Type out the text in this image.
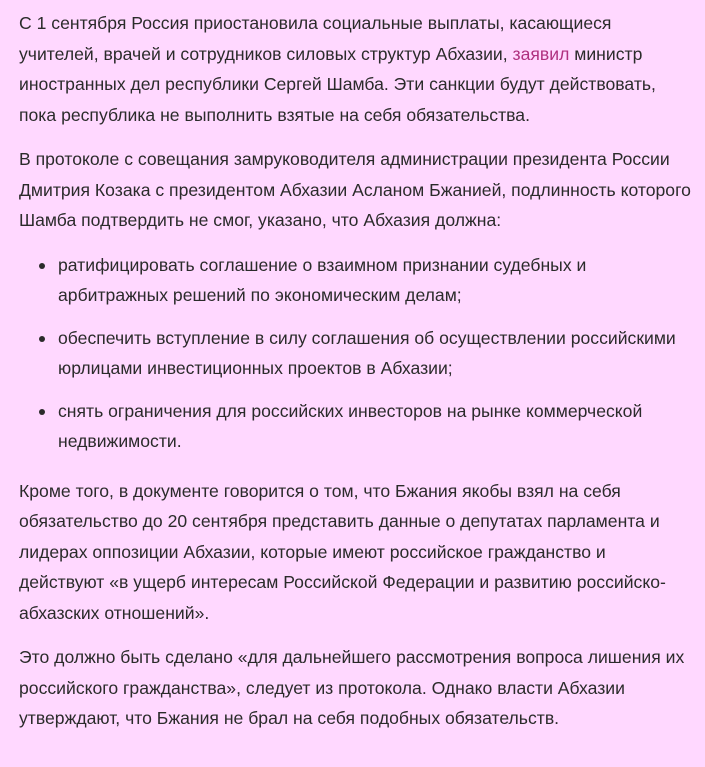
С 1 сентября Россия приостановила социальные выплаты, касающиеся учителей, врачей и сотрудников силовых структур Абхазии, заявил министр иностранных дел республики Сергей Шамба. Эти санкции будут действовать, пока республика не выполнить взятые на себя обязательства.

В протоколе с совещания замруководителя администрации президента России Дмитрия Козака с президентом Абхазии Асланом Бжанией, подлинность которого Шамба подтвердить не смог, указано, что Абхазия должна:

ратифицировать соглашение о взаимном признании судебных и арбитражных решений по экономическим делам;
обеспечить вступление в силу соглашения об осуществлении российскими юрлицами инвестиционных проектов в Абхазии;
снять ограничения для российских инвесторов на рынке коммерческой недвижимости.

Кроме того, в документе говорится о том, что Бжания якобы взял на себя обязательство до 20 сентября представить данные о депутатах парламента и лидерах оппозиции Абхазии, которые имеют российское гражданство и действуют «в ущерб интересам Российской Федерации и развитию российско-абхазских отношений».

Это должно быть сделано «для дальнейшего рассмотрения вопроса лишения их российского гражданства», следует из протокола. Однако власти Абхазии утверждают, что Бжания не брал на себя подобных обязательств.
